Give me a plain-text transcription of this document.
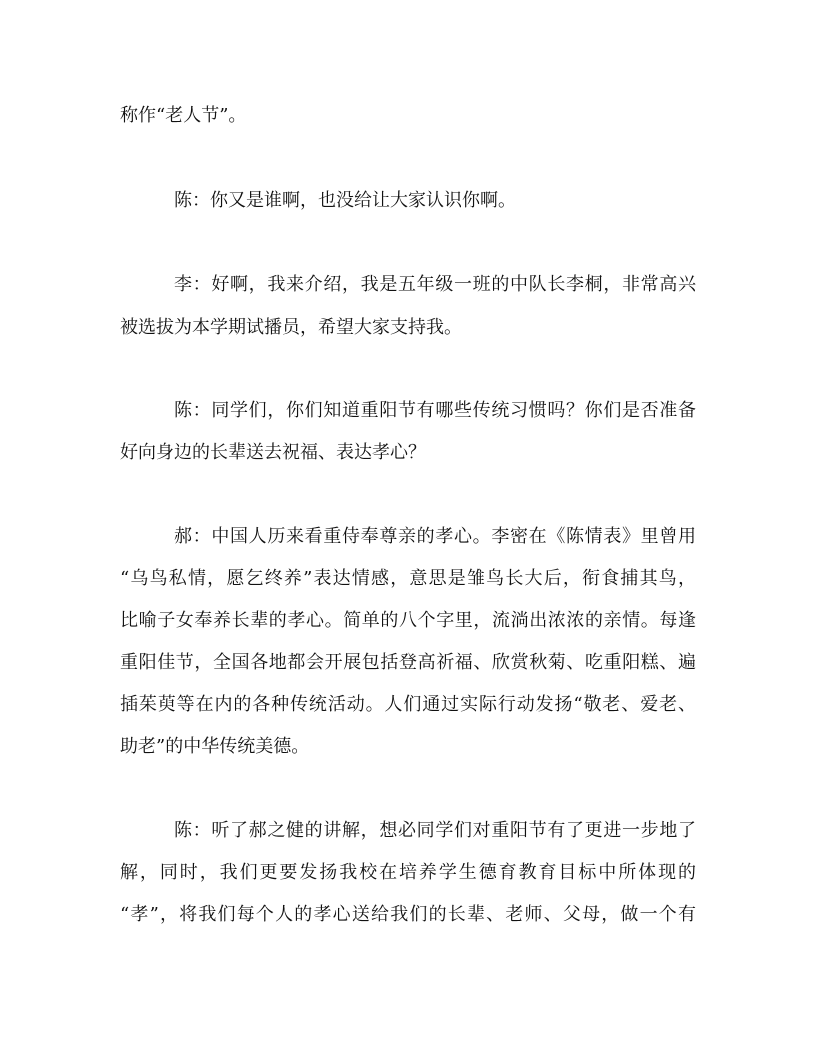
称作“老人节”。
陈：你又是谁啊，也没给让大家认识你啊。
李：好啊，我来介绍，我是五年级一班的中队长李桐，非常高兴
被选拔为本学期试播员，希望大家支持我。
陈：同学们，你们知道重阳节有哪些传统习惯吗？你们是否准备
好向身边的长辈送去祝福、表达孝心？
郝：中国人历来看重侍奉尊亲的孝心。李密在《陈情表》里曾用
“乌鸟私情，愿乞终养”表达情感，意思是雏鸟长大后，衔食捕其鸟，
比喻子女奉养长辈的孝心。简单的八个字里，流淌出浓浓的亲情。每逢
重阳佳节，全国各地都会开展包括登高祈福、欣赏秋菊、吃重阳糕、遍
插茱萸等在内的各种传统活动。人们通过实际行动发扬“敬老、爱老、
助老”的中华传统美德。
陈：听了郝之健的讲解，想必同学们对重阳节有了更进一步地了
解，同时，我们更要发扬我校在培养学生德育教育目标中所体现的
“孝”，将我们每个人的孝心送给我们的长辈、老师、父母，做一个有
